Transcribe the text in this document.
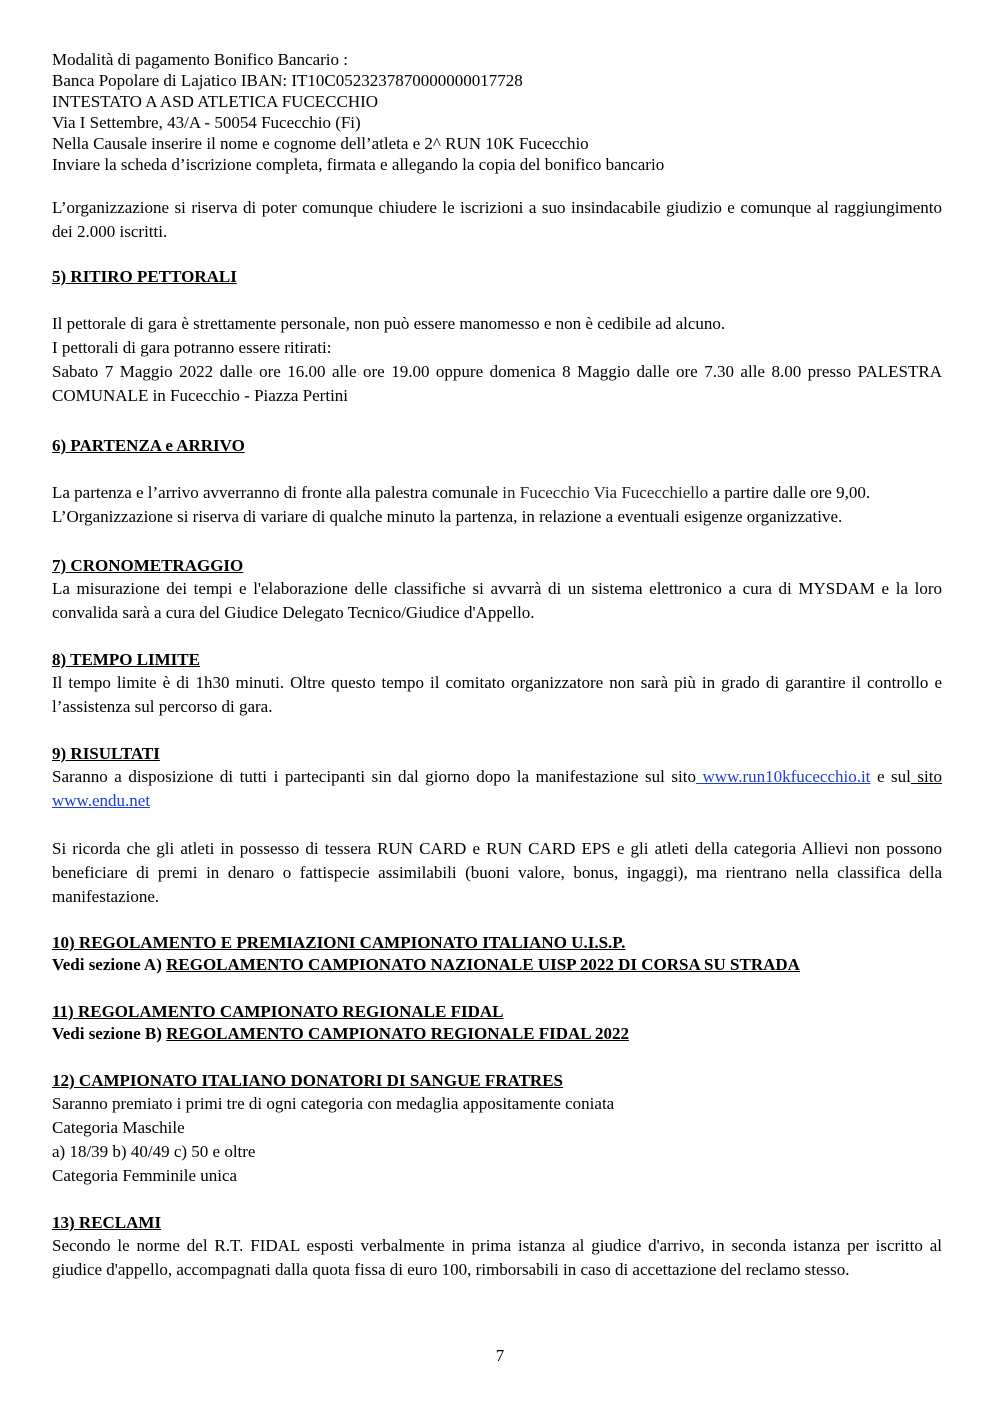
Modalità di pagamento Bonifico Bancario :
Banca Popolare di Lajatico IBAN: IT10C0523237870000000017728
INTESTATO A ASD ATLETICA FUCECCHIO
Via I Settembre, 43/A - 50054 Fucecchio (Fi)
Nella Causale inserire il nome e cognome dell’atleta e 2^ RUN 10K Fucecchio
Inviare la scheda d’iscrizione completa, firmata e allegando la copia del bonifico bancario

L’organizzazione si riserva di poter comunque chiudere le iscrizioni a suo insindacabile giudizio e comunque al raggiungimento dei 2.000 iscritti.

5) RITIRO PETTORALI

Il pettorale di gara è strettamente personale, non può essere manomesso e non è cedibile ad alcuno.

I pettorali di gara potranno essere ritirati:

Sabato 7 Maggio 2022 dalle ore 16.00 alle ore 19.00 oppure domenica 8 Maggio dalle ore 7.30 alle 8.00 presso PALESTRA COMUNALE in Fucecchio - Piazza Pertini

6) PARTENZA e ARRIVO

La partenza e l’arrivo avverranno di fronte alla palestra comunale in Fucecchio Via Fucecchiello a partire dalle ore 9,00.

L’Organizzazione si riserva di variare di qualche minuto la partenza, in relazione a eventuali esigenze organizzative.

7) CRONOMETRAGGIO

La misurazione dei tempi e l'elaborazione delle classifiche si avvarrà di un sistema elettronico a cura di MYSDAM e la loro convalida sarà a cura del Giudice Delegato Tecnico/Giudice d'Appello.

8) TEMPO LIMITE

Il tempo limite è di 1h30 minuti. Oltre questo tempo il comitato organizzatore non sarà più in grado di garantire il controllo e l’assistenza sul percorso di gara.

9) RISULTATI

Saranno a disposizione di tutti i partecipanti sin dal giorno dopo la manifestazione sul sito www.run10kfucecchio.it e sul sito www.endu.net

Si ricorda che gli atleti in possesso di tessera RUN CARD e RUN CARD EPS e gli atleti della categoria Allievi non possono beneficiare di premi in denaro o fattispecie assimilabili (buoni valore, bonus, ingaggi), ma rientrano nella classifica della manifestazione.

10) REGOLAMENTO E PREMIAZIONI CAMPIONATO ITALIANO U.I.S.P.
Vedi sezione A) REGOLAMENTO CAMPIONATO NAZIONALE UISP 2022 DI CORSA SU STRADA
11) REGOLAMENTO CAMPIONATO REGIONALE FIDAL
Vedi sezione B) REGOLAMENTO CAMPIONATO REGIONALE FIDAL 2022
12) CAMPIONATO ITALIANO DONATORI DI SANGUE FRATRES
Saranno premiato i primi tre di ogni categoria con medaglia appositamente coniata
Categoria Maschile
a) 18/39 b) 40/49 c) 50 e oltre
Categoria Femminile unica
13) RECLAMI

Secondo le norme del R.T. FIDAL esposti verbalmente in prima istanza al giudice d'arrivo, in seconda istanza per iscritto al giudice d'appello, accompagnati dalla quota fissa di euro 100, rimborsabili in caso di accettazione del reclamo stesso.

7
